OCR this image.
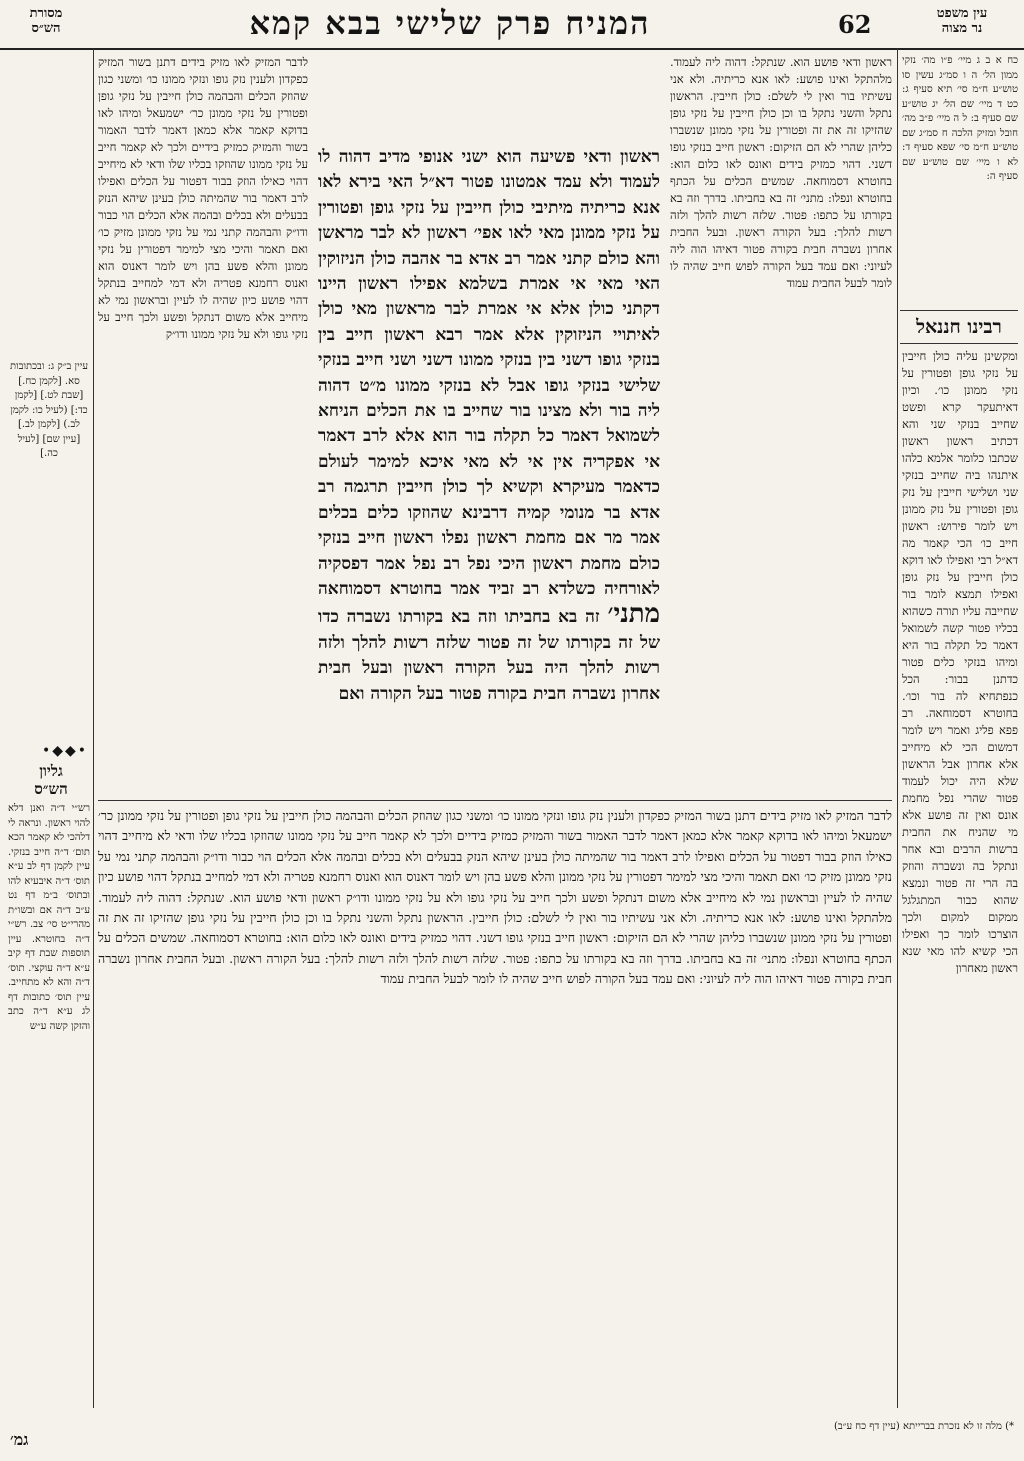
62
המניח פרק שלישי בבא קמא	עין משפט
נר מצוה
מסורת
הש״ס
כח א ב ג מיי׳ פ״ו מה׳ נזקי ממון הל׳ ה ו סמ״ג עשין סו טוש״ע ח״מ סי׳ תיא סעיף ג: כט ד מיי׳ שם הל׳ יג טוש״ע שם סעיף ב: ל ה מיי׳ פ״ב מה׳ חובל ומזיק הלכה ח סמ״ג שם טוש״ע ח״מ סי׳ שפא סעיף ד: לא ו מיי׳ שם טוש״ע שם סעיף ה:
רבינו חננאל
ומקשינן עליה כולן חייבין על נזקי גופן ופטורין על נזקי ממונן כו׳. וכיון דאיתעקר קרא ופשט שחייב בנזקי שני והא דכתיב ראשון ראשון שכתבו כלומר אלמא כלהו איתנהו ביה שחייב בנזקי שני ושלישי חייבין על נזק גופן ופטורין על נזק ממונן ויש לומר פירוש: ראשון חייב כו׳ הכי קאמר מה דא״ל רבי ואפילו לאו דוקא כולן חייבין על נזק גופן ואפילו תמצא לומר בור שחייבה עליו תורה כשהוא בכליו פטור קשה לשמואל דאמר כל תקלה בור היא ומיהו בנזקי כלים פטור כדתנן בבור: הכל כנפתחיא לה בור וכו׳. בחוטרא דסמוחאה. רב פפא פליג ואמר ויש לומר דמשום הכי לא מיחייב אלא אחרון אבל הראשון שלא היה יכול לעמוד פטור שהרי נפל מחמת אונס ואין זה פושע אלא מי שהניח את החבית ברשות הרבים ובא אחר ונתקל בה ונשברה והוזק בה הרי זה פטור ונמצא שהוא כבור המתגלגל ממקום למקום ולכך הוצרכו לומר כך ואפילו הכי קשיא להו מאי שנא ראשון מאחרון
לדבר המזיק לאו מזיק בידים דתנן בשור המזיק כפקדון ולענין נזק גופו ונזקי ממונו כו׳ ומשני כגון שהוזק הכלים והבהמה כולן חייבין על נזקי גופן ופטורין על נזקי ממונן כר׳ ישמעאל ומיהו לאו בדוקא קאמר אלא כמאן דאמר לדבר האמור בשור והמזיק כמזיק בידיים ולכך לא קאמר חייב על נזקי ממונו שהוזקו בכליו שלו ודאי לא מיחייב דהוי כאילו הוזק בבור דפטור על הכלים ואפילו לרב דאמר בור שהמיתה כולן בעינן שיהא הנזק בבעלים ולא בכלים ובהמה אלא הכלים הוי כבור ודו״ק והבהמה קתני נמי על נזקי ממונן מזיק כו׳ ואם תאמר והיכי מצי למימר דפטורין על נזקי ממונן והלא פשע בהן ויש לומר דאנוס הוא ואנוס רחמנא פטריה ולא דמי למחייב בנתקל דהוי פושע כיון שהיה לו לעיין ובראשון נמי לא מיחייב אלא משום דנתקל ופשע ולכך חייב על נזקי גופו ולא על נזקי ממונו ודו״ק
ראשון ודאי פושע הוא. שנתקל: דהוה ליה לעמוד. מלהתקל ואינו פושע: לאו אנא כריתיה. ולא אני עשיתיו בור ואין לי לשלם: כולן חייבין. הראשון נתקל והשני נתקל בו וכן כולן חייבין על נזקי גופן שהזיקו זה את זה ופטורין על נזקי ממונן שנשברו כליהן שהרי לא הם הזיקום: ראשון חייב בנזקי גופו דשני. דהוי כמזיק בידים ואונס לאו כלום הוא: בחוטרא דסמוחאה. שמשים הכלים על הכתף בחוטרא ונפלו: מתני׳ זה בא בחביתו. בדרך וזה בא בקורתו על כתפו: פטור. שלזה רשות להלך ולזה רשות להלך: בעל הקורה ראשון. ובעל החבית אחרון נשברה חבית בקורה פטור דאיהו הוה ליה לעיוני: ואם עמד בעל הקורה לפוש חייב שהיה לו לומר לבעל החבית עמוד
ראשון ודאי פשיעה הוא ישני אנופי מדיב דהוה לו לעמוד ולא עמד אמטונו פטור דא״ל האי בירא לאו אנא כריתיה מיתיבי כולן חייבין על נזקי גופן ופטורין על נזקי ממונן מאי לאו אפי׳ ראשון לא לבר מראשן והא כולם קתני אמר רב אדא בר אהבה כולן הניזוקין האי מאי אי אמרת בשלמא אפילו ראשון היינו דקתני כולן אלא אי אמרת לבר מראשון מאי כולן לאיתויי הניזוקין אלא אמר רבא ראשון חייב בין בנזקי גופו דשני בין בנזקי ממונו דשני ושני חייב בנזקי שלישי בנזקי גופו אבל לא בנזקי ממונו מ״ט דהוה ליה בור ולא מצינו בור שחייב בו את הכלים הניחא לשמואל דאמר כל תקלה בור הוא אלא לרב דאמר אי אפקריה אין אי לא מאי איכא למימר לעולם כדאמר מעיקרא וקשיא לך כולן חייבין תרגמה רב אדא בר מנומי קמיה דרבינא שהוזקו כלים בכלים אמר מר אם מחמת ראשון נפלו ראשון חייב בנזקי כולם מחמת ראשון היכי נפל רב נפל אמר דפסקיה לאורחיה כשלדא רב זביד אמר בחוטרא דסמוחאה מתני׳ זה בא בחביתו וזה בא בקורתו נשברה כדו של זה בקורתו של זה פטור שלזה רשות להלך ולזה רשות להלך היה בעל הקורה ראשון ובעל חבית אחרון נשברה חבית בקורה פטור בעל הקורה ואם
לדבר המזיק לאו מזיק בידים דתנן בשור המזיק כפקדון ולענין נזק גופו ונזקי ממונו כו׳ ומשני כגון שהוזק הכלים והבהמה כולן חייבין על נזקי גופן ופטורין על נזקי ממונן כר׳ ישמעאל ומיהו לאו בדוקא קאמר אלא כמאן דאמר לדבר האמור בשור והמזיק כמזיק בידיים ולכך לא קאמר חייב על נזקי ממונו שהוזקו בכליו שלו ודאי לא מיחייב דהוי כאילו הוזק בבור דפטור על הכלים ואפילו לרב דאמר בור שהמיתה כולן בעינן שיהא הנזק בבעלים ולא בכלים ובהמה אלא הכלים הוי כבור ודו״ק והבהמה קתני נמי על נזקי ממונן מזיק כו׳ ואם תאמר והיכי מצי למימר דפטורין על נזקי ממונן והלא פשע בהן ויש לומר דאנוס הוא ואנוס רחמנא פטריה ולא דמי למחייב בנתקל דהוי פושע כיון שהיה לו לעיין ובראשון נמי לא מיחייב אלא משום דנתקל ופשע ולכך חייב על נזקי גופו ולא על נזקי ממונו ודו״ק ראשון ודאי פושע הוא. שנתקל: דהוה ליה לעמוד. מלהתקל ואינו פושע: לאו אנא כריתיה. ולא אני עשיתיו בור ואין לי לשלם: כולן חייבין. הראשון נתקל והשני נתקל בו וכן כולן חייבין על נזקי גופן שהזיקו זה את זה ופטורין על נזקי ממונן שנשברו כליהן שהרי לא הם הזיקום: ראשון חייב בנזקי גופו דשני. דהוי כמזיק בידים ואונס לאו כלום הוא: בחוטרא דסמוחאה. שמשים הכלים על הכתף בחוטרא ונפלו: מתני׳ זה בא בחביתו. בדרך וזה בא בקורתו על כתפו: פטור. שלזה רשות להלך ולזה רשות להלך: בעל הקורה ראשון. ובעל החבית אחרון נשברה חבית בקורה פטור דאיהו הוה ליה לעיוני: ואם עמד בעל הקורה לפוש חייב שהיה לו לומר לבעל החבית עמוד
עיין ב״ק ג: ובכתובות סא. [לקמן כח.] [שבת לט.] [לקמן כד:] (לעיל כו: לקמן לב.) [לקמן לב.] [עיין שם] [לעיל כה.]
•◆◆•
גליון
הש״ס
רש״י ד״ה ואנן דלא להוי ראשון. ונראה לי דלהכי לא קאמר הכא תום׳ ד״ה חייב בנזקי. עיין לקמן דף לב ע״א תוס׳ ד״ה איבעיא להו ובתוס׳ ב״מ דף נט ע״ב ד״ה אם ובשו״ת מהרי״ט סי׳ צב. רש״י ד״ה בחוטרא. עיין תוספות שבת דף קיב ע״א ד״ה עוקצי. תוס׳ ד״ה והא לא מתחייב. עיין תוס׳ כתובות דף לג ע״א ד״ה כתב והזקן קשה ע״ש
*) מלה זו לא נזכרת בברייתא (עיין דף כח ע״ב)
גמ׳
